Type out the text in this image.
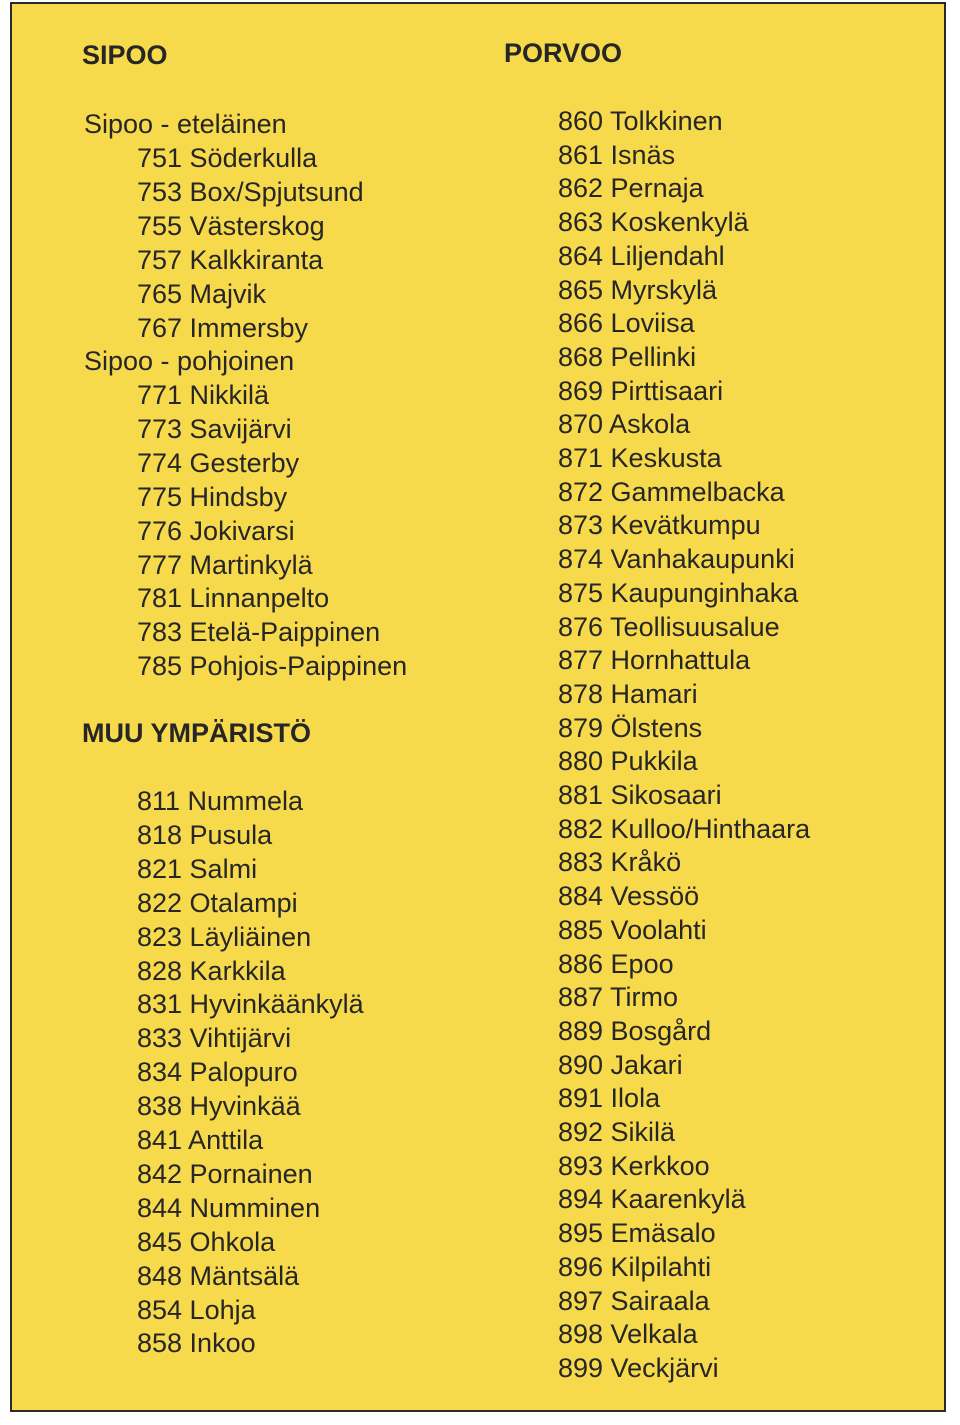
SIPOO
Sipoo - eteläinen
751 Söderkulla
753 Box/Spjutsund
755 Västerskog
757 Kalkkiranta
765 Majvik
767 Immersby
Sipoo - pohjoinen
771 Nikkilä
773 Savijärvi
774 Gesterby
775 Hindsby
776 Jokivarsi
777 Martinkylä
781 Linnanpelto
783 Etelä-Paippinen
785 Pohjois-Paippinen
MUU YMPÄRISTÖ
811 Nummela
818 Pusula
821 Salmi
822 Otalampi
823 Läyliäinen
828 Karkkila
831 Hyvinkäänkylä
833 Vihtijärvi
834 Palopuro
838 Hyvinkää
841 Anttila
842 Pornainen
844 Numminen
845 Ohkola
848 Mäntsälä
854 Lohja
858 Inkoo
PORVOO
860 Tolkkinen
861 Isnäs
862 Pernaja
863 Koskenkylä
864 Liljendahl
865 Myrskylä
866 Loviisa
868 Pellinki
869 Pirttisaari
870 Askola
871 Keskusta
872 Gammelbacka
873 Kevätkumpu
874 Vanhakaupunki
875 Kaupunginhaka
876 Teollisuusalue
877 Hornhattula
878 Hamari
879 Ölstens
880 Pukkila
881 Sikosaari
882 Kulloo/Hinthaara
883 Kråkö
884 Vessöö
885 Voolahti
886 Epoo
887 Tirmo
889 Bosgård
890 Jakari
891 Ilola
892 Sikilä
893 Kerkkoo
894 Kaarenkylä
895 Emäsalo
896 Kilpilahti
897 Sairaala
898 Velkala
899 Veckjärvi
